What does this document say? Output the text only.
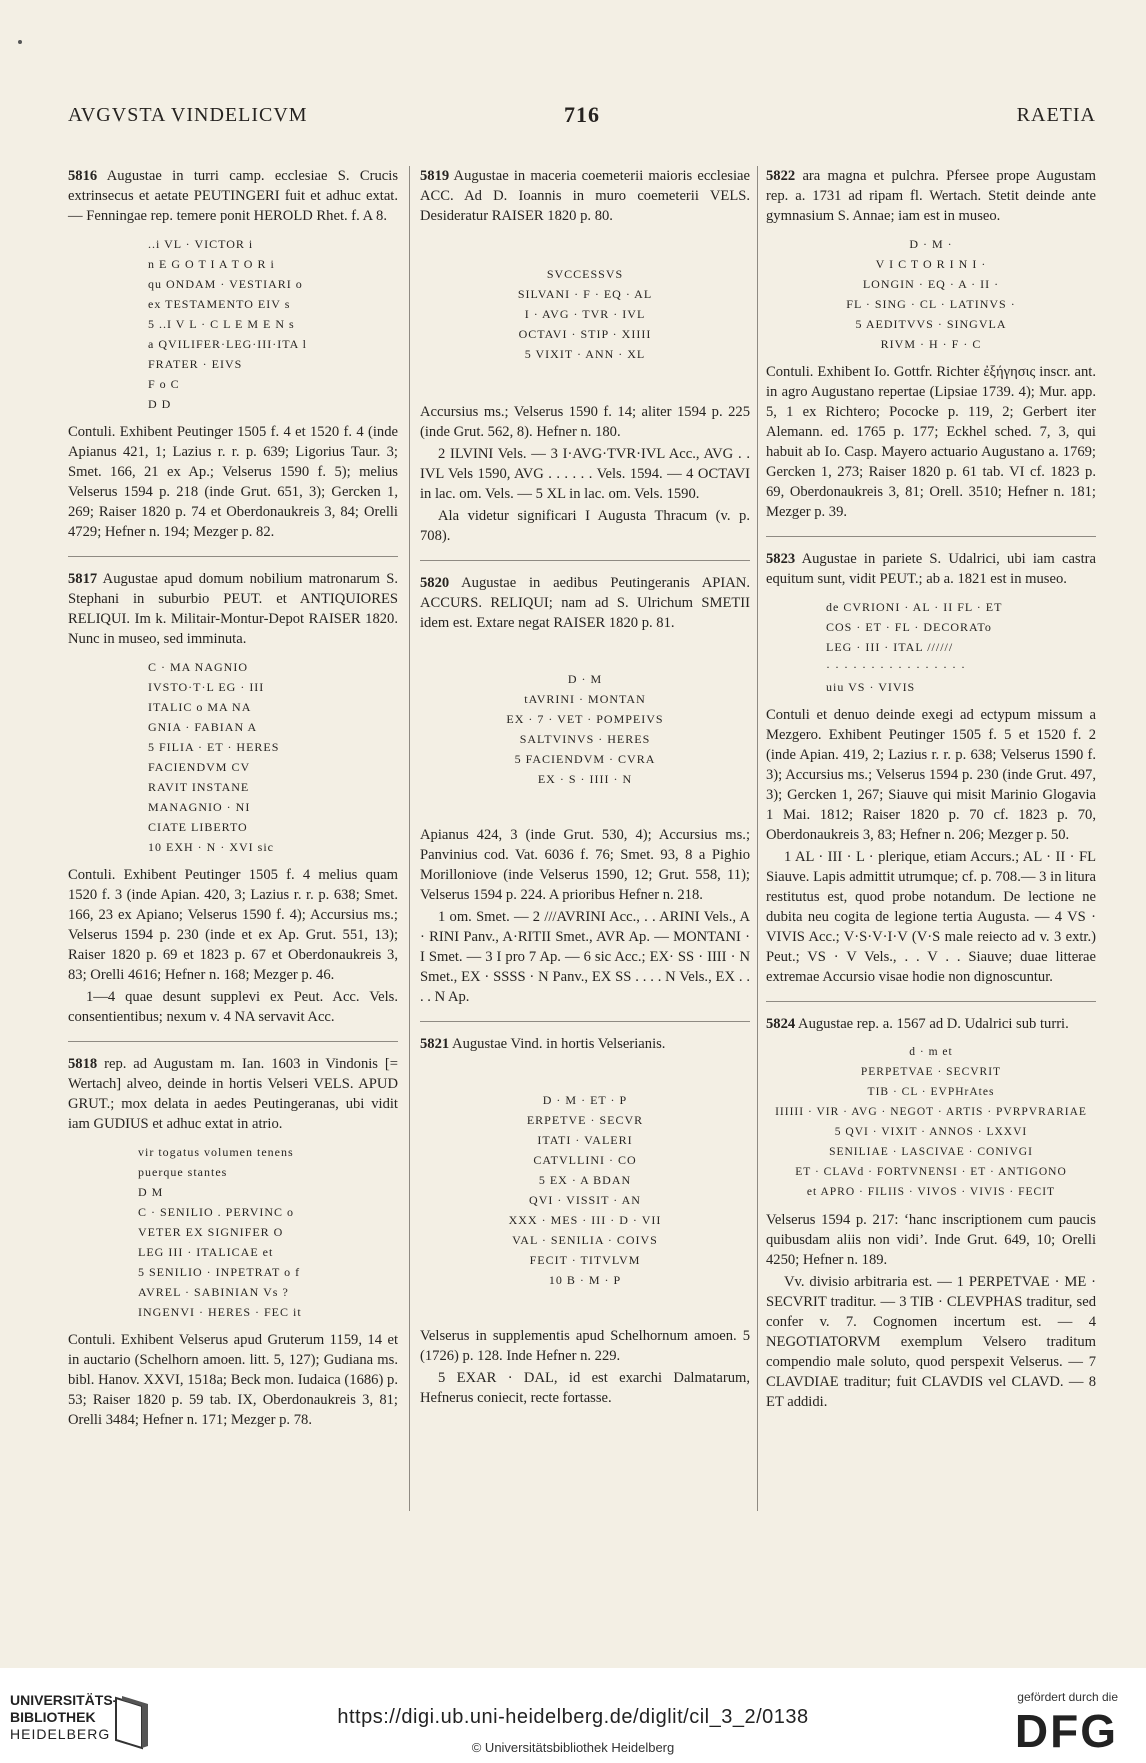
AVGVSTA VINDELICVM	716	RAETIA

5816 Augustae in turri camp. ecclesiae S. Crucis extrinsecus et aetate PEUTINGERI fuit et adhuc extat. — Fenningae rep. temere ponit HEROLD Rhet. f. A 8.

..i VL · VICTOR i
n E G O T I A T O R i
qu ONDAM · VESTIARI o
ex TESTAMENTO EIV s
5 ..I V L · C L E M E N s
a QVILIFER·LEG·III·ITA l
FRATER · EIVS
F o C
D D

Contuli. Exhibent Peutinger 1505 f. 4 et 1520 f. 4 (inde Apianus 421, 1; Lazius r. r. p. 639; Ligorius Taur. 3; Smet. 166, 21 ex Ap.; Velserus 1590 f. 5); melius Velserus 1594 p. 218 (inde Grut. 651, 3); Gercken 1, 269; Raiser 1820 p. 74 et Oberdonaukreis 3, 84; Orelli 4729; Hefner n. 194; Mezger p. 82.

5817 Augustae apud domum nobilium matronarum S. Stephani in suburbio PEUT. et ANTIQUIORES RELIQUI. Im k. Militair-Montur-Depot RAISER 1820. Nunc in museo, sed imminuta.

C · MA NAGNIO
IVSTO·T·L EG · III
ITALIC o MA NA
GNIA · FABIAN A
5 FILIA · ET · HERES
FACIENDVM CV
RAVIT INSTANE
MANAGNIO · NI
CIATE LIBERTO
10 EXH · N · XVI sic

Contuli. Exhibent Peutinger 1505 f. 4 melius quam 1520 f. 3 (inde Apian. 420, 3; Lazius r. r. p. 638; Smet. 166, 23 ex Apiano; Velserus 1590 f. 4); Accursius ms.; Velserus 1594 p. 230 (inde et ex Ap. Grut. 551, 13); Raiser 1820 p. 69 et 1823 p. 67 et Oberdonaukreis 3, 83; Orelli 4616; Hefner n. 168; Mezger p. 46.

1—4 quae desunt supplevi ex Peut. Acc. Vels. consentientibus; nexum v. 4 NA servavit Acc.

5818 rep. ad Augustam m. Ian. 1603 in Vindonis [= Wertach] alveo, deinde in hortis Velseri VELS. APUD GRUT.; mox delata in aedes Peutingeranas, ubi vidit iam GUDIUS et adhuc extat in atrio.

vir togatus volumen tenens
puerque stantes
D M
C · SENILIO . PERVINC o
VETER EX SIGNIFER O
LEG III · ITALICAE et
5 SENILIO · INPETRAT o f
AVREL · SABINIAN Vs ?
INGENVI · HERES · FEC it

Contuli. Exhibent Velserus apud Gruterum 1159, 14 et in auctario (Schelhorn amoen. litt. 5, 127); Gudiana ms. bibl. Hanov. XXVI, 1518a; Beck mon. Iudaica (1686) p. 53; Raiser 1820 p. 59 tab. IX, Oberdonaukreis 3, 81; Orelli 3484; Hefner n. 171; Mezger p. 78.

5819 Augustae in maceria coemeterii maioris ecclesiae ACC. Ad D. Ioannis in muro coemeterii VELS. Desideratur RAISER 1820 p. 80.

SVCCESSVS
SILVANI · F · EQ · AL
I · AVG · TVR · IVL
OCTAVI · STIP · XIIII
5 VIXIT · ANN · XL

Accursius ms.; Velserus 1590 f. 14; aliter 1594 p. 225 (inde Grut. 562, 8). Hefner n. 180.

2 ILVINI Vels. — 3 I·AVG·TVR·IVL Acc., AVG . . IVL Vels 1590, AVG . . . . . . Vels. 1594. — 4 OCTAVI in lac. om. Vels. — 5 XL in lac. om. Vels. 1590.

Ala videtur significari I Augusta Thracum (v. p. 708).

5820 Augustae in aedibus Peutingeranis APIAN. ACCURS. RELIQUI; nam ad S. Ulrichum SMETII idem est. Extare negat RAISER 1820 p. 81.

D · M
tAVRINI · MONTAN
EX · 7 · VET · POMPEIVS
SALTVINVS · HERES
5 FACIENDVM · CVRA
EX · S · IIII · N

Apianus 424, 3 (inde Grut. 530, 4); Accursius ms.; Panvinius cod. Vat. 6036 f. 76; Smet. 93, 8 a Pighio Morilloniove (inde Velserus 1590, 12; Grut. 558, 11); Velserus 1594 p. 224. A prioribus Hefner n. 218.

1 om. Smet. — 2 ///AVRINI Acc., . . ARINI Vels., A · RINI Panv., A·RITII Smet., AVR Ap. — MONTANI · I Smet. — 3 I pro 7 Ap. — 6 sic Acc.; EX· SS · IIII · N Smet., EX · SSSS · N Panv., EX SS . . . . N Vels., EX . . . . N Ap.

5821 Augustae Vind. in hortis Velserianis.

D · M · ET · P
ERPETVE · SECVR
ITATI · VALERI
CATVLLINI · CO
5 EX · A BDAN
QVI · VISSIT · AN
XXX · MES · III · D · VII
VAL · SENILIA · COIVS
FECIT · TITVLVM
10 B · M · P

Velserus in supplementis apud Schelhornum amoen. 5 (1726) p. 128. Inde Hefner n. 229.

5 EXAR · DAL, id est exarchi Dalmatarum, Hefnerus coniecit, recte fortasse.

5822 ara magna et pulchra. Pfersee prope Augustam rep. a. 1731 ad ripam fl. Wertach. Stetit deinde ante gymnasium S. Annae; iam est in museo.

D · M ·
V I C T O R I N I ·
LONGIN · EQ · A · II ·
FL · SING · CL · LATINVS ·
5 AEDITVVS · SINGVLA
RIVM · H · F · C

Contuli. Exhibent Io. Gottfr. Richter ἐξήγησις inscr. ant. in agro Augustano repertae (Lipsiae 1739. 4); Mur. app. 5, 1 ex Richtero; Pococke p. 119, 2; Gerbert iter Alemann. ed. 1765 p. 177; Eckhel sched. 7, 3, qui habuit ab Io. Casp. Mayero actuario Augustano a. 1769; Gercken 1, 273; Raiser 1820 p. 61 tab. VI cf. 1823 p. 69, Oberdonaukreis 3, 81; Orell. 3510; Hefner n. 181; Mezger p. 39.

5823 Augustae in pariete S. Udalrici, ubi iam castra equitum sunt, vidit PEUT.; ab a. 1821 est in museo.

de CVRIONI · AL · II FL · ET
COS · ET · FL · DECORATo
LEG · III · ITAL //////
· · · · · · · · · · · · · · · ·
uiu VS · VIVIS

Contuli et denuo deinde exegi ad ectypum missum a Mezgero. Exhibent Peutinger 1505 f. 5 et 1520 f. 2 (inde Apian. 419, 2; Lazius r. r. p. 638; Velserus 1590 f. 3); Accursius ms.; Velserus 1594 p. 230 (inde Grut. 497, 3); Gercken 1, 267; Siauve qui misit Marinio Glogavia 1 Mai. 1812; Raiser 1820 p. 70 cf. 1823 p. 70, Oberdonaukreis 3, 83; Hefner n. 206; Mezger p. 50.

1 AL · III · L · plerique, etiam Accurs.; AL · II · FL Siauve. Lapis admittit utrumque; cf. p. 708.— 3 in litura restitutus est, quod probe notandum. De lectione ne dubita neu cogita de legione tertia Augusta. — 4 VS · VIVIS Acc.; V·S·V·I·V (V·S male reiecto ad v. 3 extr.) Peut.; VS · V Vels., . . V . . Siauve; duae litterae extremae Accursio visae hodie non dignoscuntur.

5824 Augustae rep. a. 1567 ad D. Udalrici sub turri.

d · m et
PERPETVAE · SECVRIT
TIB · CL · EVPHrAtes
IIIIII · VIR · AVG · NEGOT · ARTIS · PVRPVRARIAE
5 QVI · VIXIT · ANNOS · LXXVI
SENILIAE · LASCIVAE · CONIVGI
ET · CLAVd · FORTVNENSI · ET · ANTIGONO
et APRO · FILIIS · VIVOS · VIVIS · FECIT

Velserus 1594 p. 217: ‘hanc inscriptionem cum paucis quibusdam aliis non vidi’. Inde Grut. 649, 10; Orelli 4250; Hefner n. 189.

Vv. divisio arbitraria est. — 1 PERPETVAE · ME · SECVRIT traditur. — 3 TIB · CLEVPHAS traditur, sed confer v. 7. Cognomen incertum est. — 4 NEGOTIATORVM exemplum Velsero traditum compendio male soluto, quod perspexit Velserus. — 7 CLAVDIAE traditur; fuit CLAVDIS vel CLAVD. — 8 ET addidi.

UNIVERSITÄTS-
BIBLIOTHEK
HEIDELBERG
https://digi.ub.uni-heidelberg.de/diglit/cil_3_2/0138
© Universitätsbibliothek Heidelberg
gefördert durch die
DFG
